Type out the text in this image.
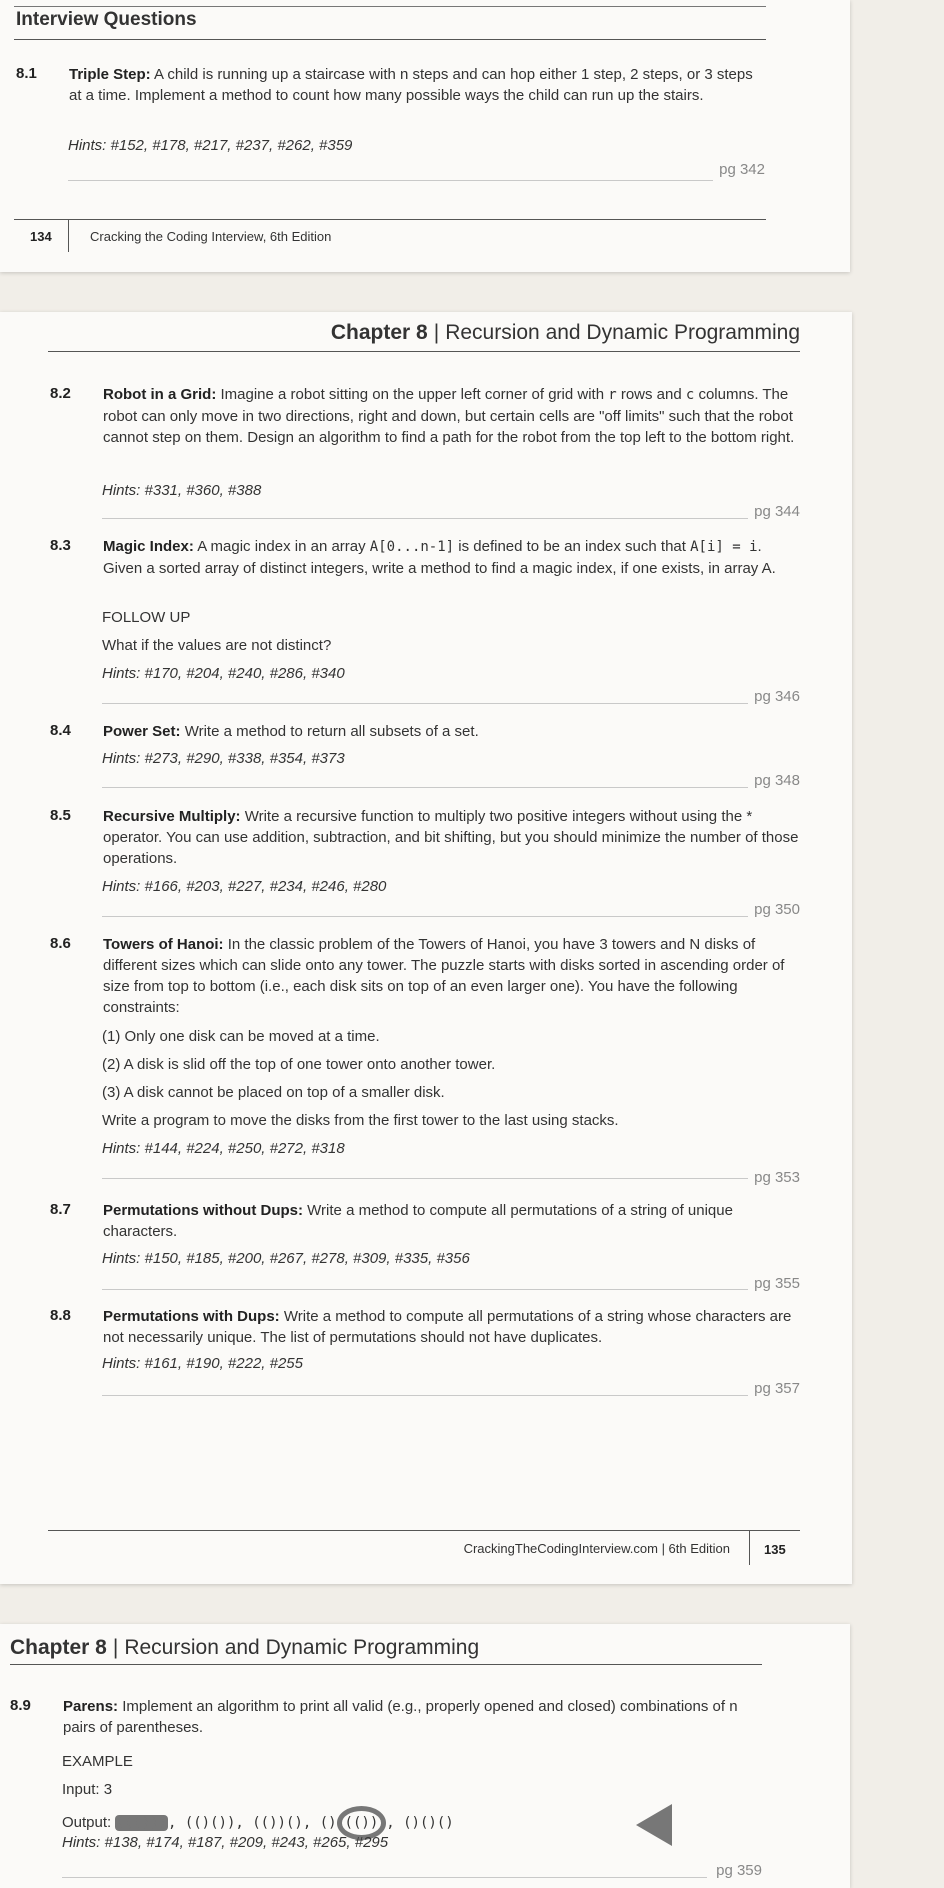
Interview Questions
8.1 Triple Step: A child is running up a staircase with n steps and can hop either 1 step, 2 steps, or 3 steps at a time. Implement a method to count how many possible ways the child can run up the stairs.
Hints: #152, #178, #217, #237, #262, #359
pg 342
134	Cracking the Coding Interview, 6th Edition
Chapter 8 | Recursion and Dynamic Programming
8.2 Robot in a Grid: Imagine a robot sitting on the upper left corner of grid with r rows and c columns. The robot can only move in two directions, right and down, but certain cells are "off limits" such that the robot cannot step on them. Design an algorithm to find a path for the robot from the top left to the bottom right.
Hints: #331, #360, #388
pg 344
8.3 Magic Index: A magic index in an array A[0...n-1] is defined to be an index such that A[i] = i. Given a sorted array of distinct integers, write a method to find a magic index, if one exists, in array A.
FOLLOW UP
What if the values are not distinct?
Hints: #170, #204, #240, #286, #340
pg 346
8.4 Power Set: Write a method to return all subsets of a set.
Hints: #273, #290, #338, #354, #373
pg 348
8.5 Recursive Multiply: Write a recursive function to multiply two positive integers without using the * operator. You can use addition, subtraction, and bit shifting, but you should minimize the number of those operations.
Hints: #166, #203, #227, #234, #246, #280
pg 350
8.6 Towers of Hanoi: In the classic problem of the Towers of Hanoi, you have 3 towers and N disks of different sizes which can slide onto any tower. The puzzle starts with disks sorted in ascending order of size from top to bottom (i.e., each disk sits on top of an even larger one). You have the following constraints:
(1) Only one disk can be moved at a time.
(2) A disk is slid off the top of one tower onto another tower.
(3) A disk cannot be placed on top of a smaller disk.
Write a program to move the disks from the first tower to the last using stacks.
Hints: #144, #224, #250, #272, #318
pg 353
8.7 Permutations without Dups: Write a method to compute all permutations of a string of unique characters.
Hints: #150, #185, #200, #267, #278, #309, #335, #356
pg 355
8.8 Permutations with Dups: Write a method to compute all permutations of a string whose characters are not necessarily unique. The list of permutations should not have duplicates.
Hints: #161, #190, #222, #255
pg 357
CrackingTheCodingInterview.com | 6th Edition	135
Chapter 8 | Recursion and Dynamic Programming
8.9 Parens: Implement an algorithm to print all valid (e.g., properly opened and closed) combinations of n pairs of parentheses.
EXAMPLE
Input: 3
Output: ((())), (()()), (())(), () (()) , ()()()
Hints: #138, #174, #187, #209, #243, #265, #295
pg 359
